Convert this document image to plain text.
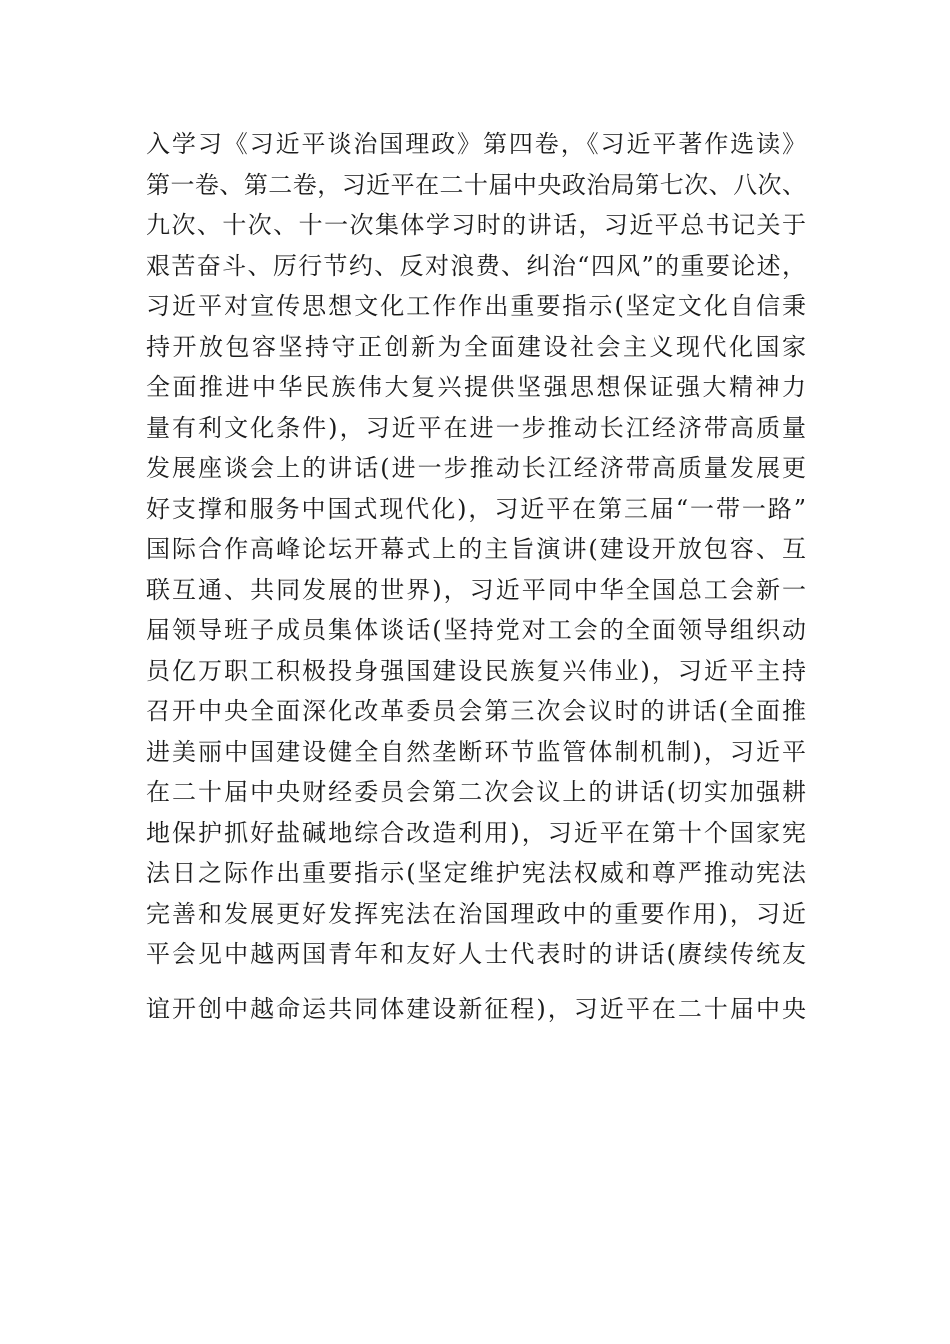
入学习《习近平谈治国理政》第四卷，《习近平著作选读》
第一卷、第二卷，习近平在二十届中央政治局第七次、八次、
九次、十次、十一次集体学习时的讲话，习近平总书记关于
艰苦奋斗、厉行节约、反对浪费、纠治“四风”的重要论述，
习近平对宣传思想文化工作作出重要指示(坚定文化自信秉
持开放包容坚持守正创新为全面建设社会主义现代化国家
全面推进中华民族伟大复兴提供坚强思想保证强大精神力
量有利文化条件)，习近平在进一步推动长江经济带高质量
发展座谈会上的讲话(进一步推动长江经济带高质量发展更
好支撑和服务中国式现代化)，习近平在第三届“一带一路”
国际合作高峰论坛开幕式上的主旨演讲(建设开放包容、互
联互通、共同发展的世界)，习近平同中华全国总工会新一
届领导班子成员集体谈话(坚持党对工会的全面领导组织动
员亿万职工积极投身强国建设民族复兴伟业)，习近平主持
召开中央全面深化改革委员会第三次会议时的讲话(全面推
进美丽中国建设健全自然垄断环节监管体制机制)，习近平
在二十届中央财经委员会第二次会议上的讲话(切实加强耕
地保护抓好盐碱地综合改造利用)，习近平在第十个国家宪
法日之际作出重要指示(坚定维护宪法权威和尊严推动宪法
完善和发展更好发挥宪法在治国理政中的重要作用)，习近
平会见中越两国青年和友好人士代表时的讲话(赓续传统友
谊开创中越命运共同体建设新征程)，习近平在二十届中央
